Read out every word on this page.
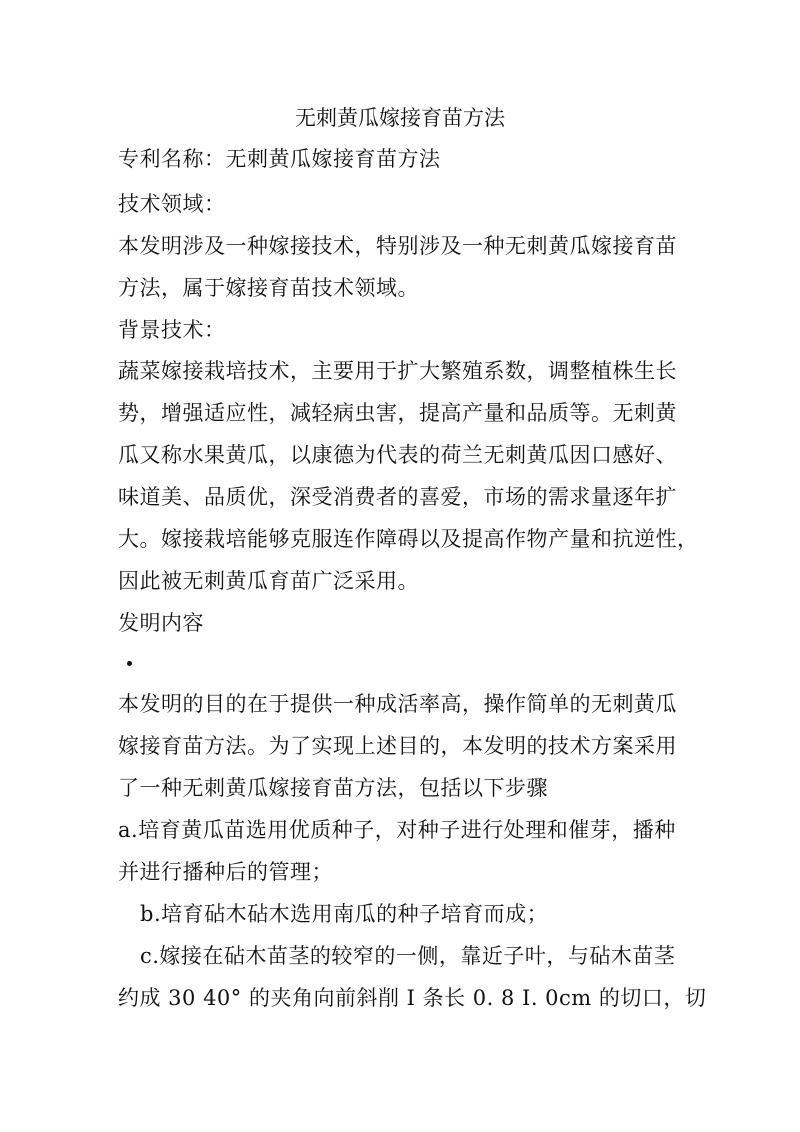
无刺黄瓜嫁接育苗方法
专利名称：无刺黄瓜嫁接育苗方法
技术领域：
本发明涉及一种嫁接技术，特别涉及一种无刺黄瓜嫁接育苗
方法，属于嫁接育苗技术领域。
背景技术：
蔬菜嫁接栽培技术，主要用于扩大繁殖系数，调整植株生长
势，增强适应性，减轻病虫害，提高产量和品质等。无刺黄
瓜又称水果黄瓜，以康德为代表的荷兰无刺黄瓜因口感好、
味道美、品质优，深受消费者的喜爱，市场的需求量逐年扩
大。嫁接栽培能够克服连作障碍以及提高作物产量和抗逆性，
因此被无刺黄瓜育苗广泛采用。
发明内容
本发明的目的在于提供一种成活率高，操作简单的无刺黄瓜
嫁接育苗方法。为了实现上述目的，本发明的技术方案采用
了一种无刺黄瓜嫁接育苗方法，包括以下步骤
a.培育黄瓜苗选用优质种子，对种子进行处理和催芽，播种
并进行播种后的管理；
b.培育砧木砧木选用南瓜的种子培育而成；
c.嫁接在砧木苗茎的较窄的一侧，靠近子叶，与砧木苗茎
约成 30 40° 的夹角向前斜削 I 条长 0. 8 I. 0cm 的切口，切
